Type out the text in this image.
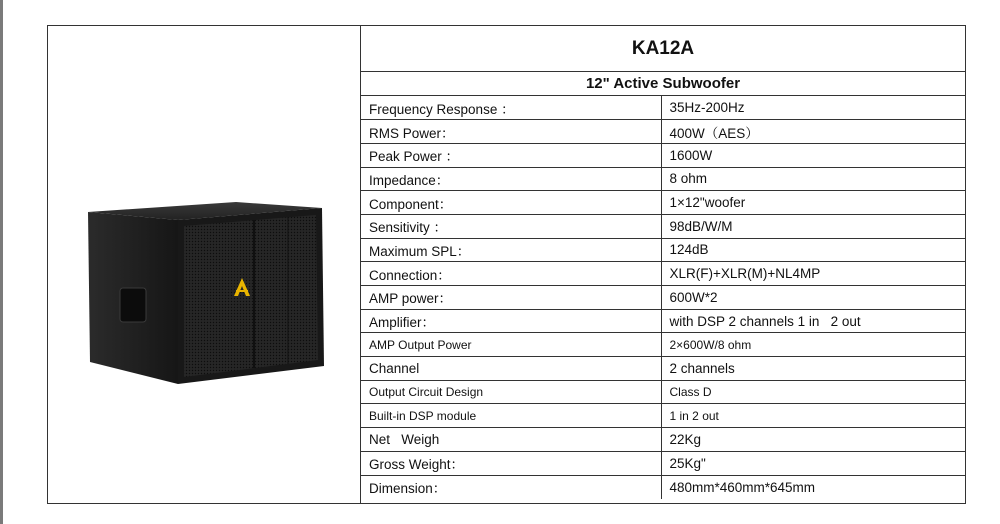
KA12A
12" Active Subwoofer
Frequency Response ：	35Hz-200Hz
RMS Power：	400W（AES）
Peak Power ：	1600W
Impedance：	8 ohm
Component：	1×12"woofer
Sensitivity ：	98dB/W/M
Maximum SPL：	124dB
Connection：	XLR(F)+XLR(M)+NL4MP
AMP power：	600W*2
Amplifier：	with DSP 2 channels 1 in   2 out
AMP Output Power	2×600W/8 ohm
Channel	2 channels
Output Circuit Design	Class D
Built-in DSP module	1 in 2 out
Net   Weigh	22Kg
Gross Weight：	25Kg"
Dimension：	480mm*460mm*645mm
